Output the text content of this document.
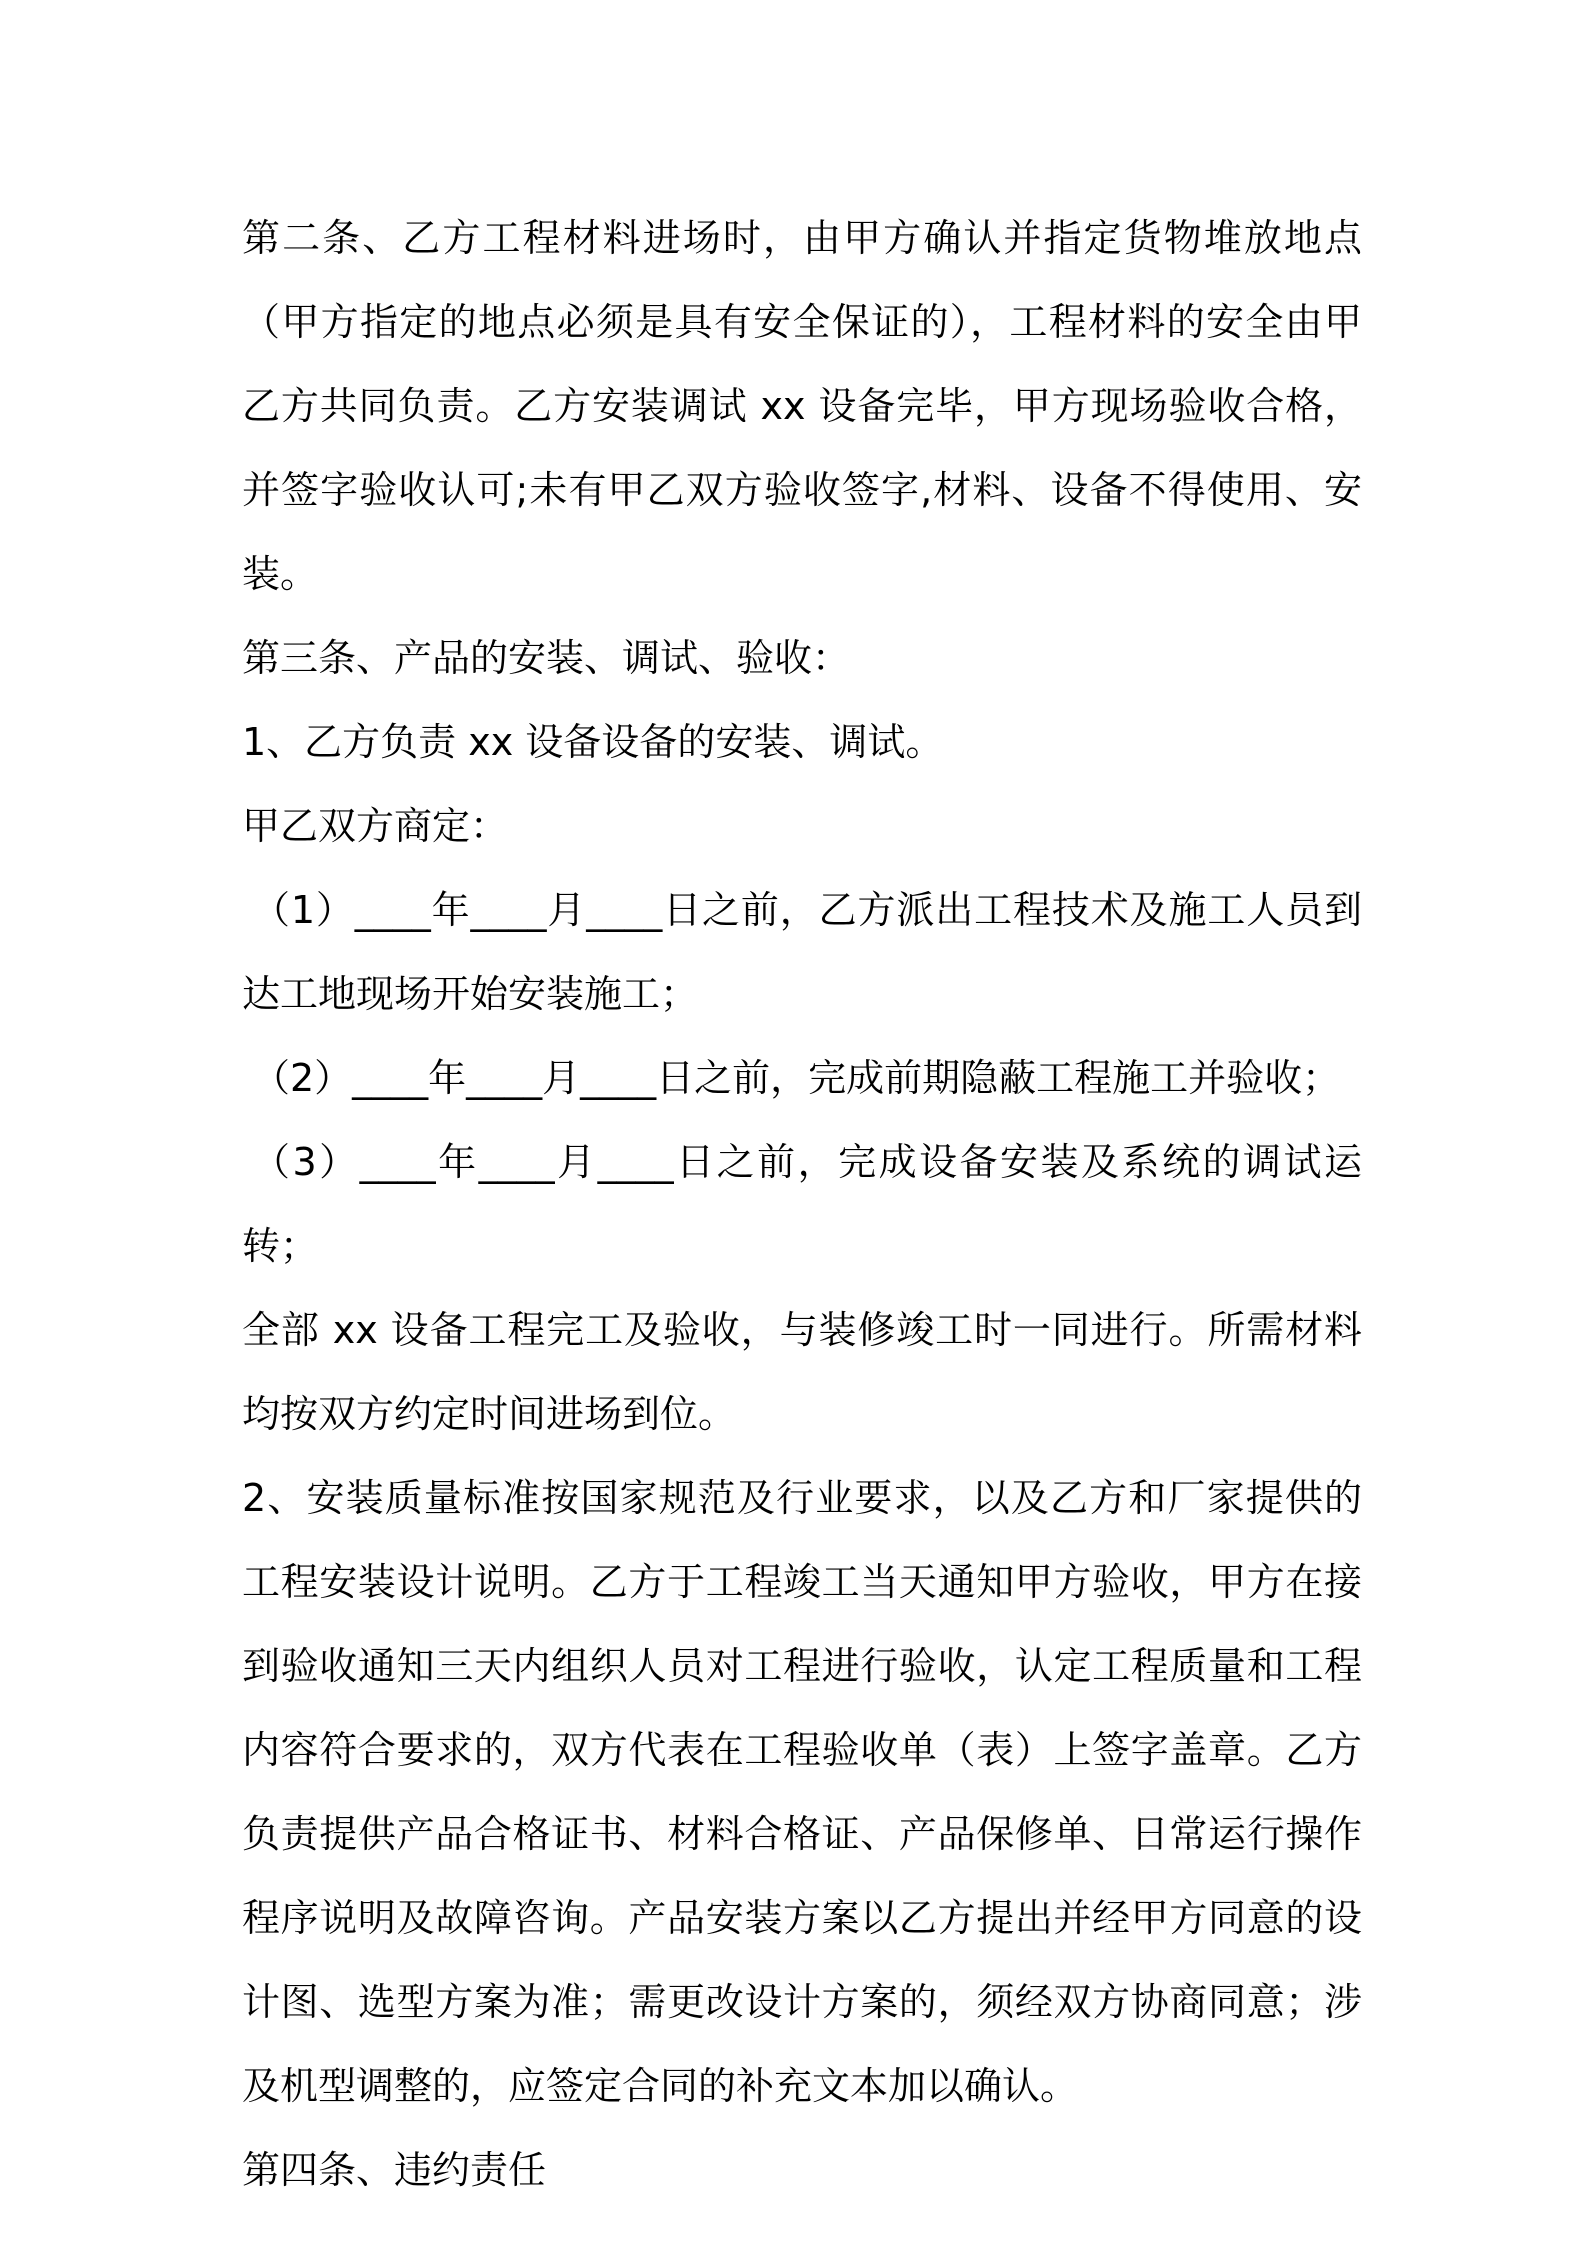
第二条、乙方工程材料进场时，由甲方确认并指定货物堆放地点（甲方指定的地点必须是具有安全保证的），工程材料的安全由甲乙方共同负责。乙方安装调试 xx 设备完毕，甲方现场验收合格，并签字验收认可;未有甲乙双方验收签字,材料、设备不得使用、安装。

第三条、产品的安装、调试、验收：

1、乙方负责 xx 设备设备的安装、调试。

甲乙双方商定：

（1）____年____月____日之前，乙方派出工程技术及施工人员到达工地现场开始安装施工；

（2）____年____月____日之前，完成前期隐蔽工程施工并验收；

（3）____年____月____日之前，完成设备安装及系统的调试运转；

全部 xx 设备工程完工及验收，与装修竣工时一同进行。所需材料均按双方约定时间进场到位。

2、安装质量标准按国家规范及行业要求，以及乙方和厂家提供的工程安装设计说明。乙方于工程竣工当天通知甲方验收，甲方在接到验收通知三天内组织人员对工程进行验收，认定工程质量和工程内容符合要求的，双方代表在工程验收单（表）上签字盖章。乙方负责提供产品合格证书、材料合格证、产品保修单、日常运行操作程序说明及故障咨询。产品安装方案以乙方提出并经甲方同意的设计图、选型方案为准；需更改设计方案的，须经双方协商同意；涉及机型调整的，应签定合同的补充文本加以确认。

第四条、违约责任
